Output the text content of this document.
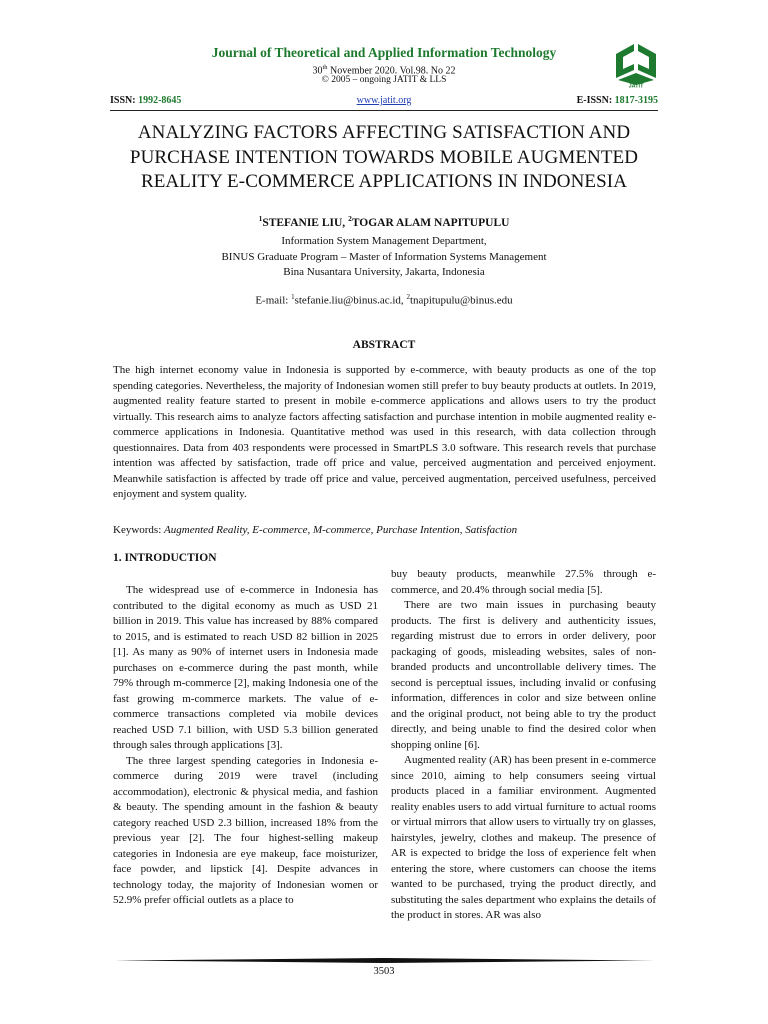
Journal of Theoretical and Applied Information Technology
30th November 2020. Vol.98. No 22
© 2005 – ongoing JATIT & LLS
JATIT
ISSN: 1992-8645	www.jatit.org	E-ISSN: 1817-3195
ANALYZING FACTORS AFFECTING SATISFACTION AND PURCHASE INTENTION TOWARDS MOBILE AUGMENTED REALITY E-COMMERCE APPLICATIONS IN INDONESIA
$^1$STEFANIE LIU, $^2$TOGAR ALAM NAPITUPULU
Information System Management Department,
BINUS Graduate Program – Master of Information Systems Management
Bina Nusantara University, Jakarta, Indonesia
E-mail: $^1$stefanie.liu@binus.ac.id, $^2$tnapitupulu@binus.edu
ABSTRACT

The high internet economy value in Indonesia is supported by e-commerce, with beauty products as one of the top spending categories. Nevertheless, the majority of Indonesian women still prefer to buy beauty products at outlets. In 2019, augmented reality feature started to present in mobile e-commerce applications and allows users to try the product virtually. This research aims to analyze factors affecting satisfaction and purchase intention in mobile augmented reality e-commerce applications in Indonesia. Quantitative method was used in this research, with data collection through questionnaires. Data from 403 respondents were processed in SmartPLS 3.0 software. This research revels that purchase intention was affected by satisfaction, trade off price and value, perceived augmentation and perceived enjoyment. Meanwhile satisfaction is affected by trade off price and value, perceived augmentation, perceived usefulness, perceived enjoyment and system quality.

Keywords: Augmented Reality, E-commerce, M-commerce, Purchase Intention, Satisfaction
1. INTRODUCTION

The widespread use of e-commerce in Indonesia has contributed to the digital economy as much as USD 21 billion in 2019. This value has increased by 88% compared to 2015, and is estimated to reach USD 82 billion in 2025 [1]. As many as 90% of internet users in Indonesia made purchases on e-commerce during the past month, while 79% through m-commerce [2], making Indonesia one of the fast growing m-commerce markets. The value of e-commerce transactions completed via mobile devices reached USD 7.1 billion, with USD 5.3 billion generated through sales through applications [3].

The three largest spending categories in Indonesia e-commerce during 2019 were travel (including accommodation), electronic & physical media, and fashion & beauty. The spending amount in the fashion & beauty category reached USD 2.3 billion, increased 18% from the previous year [2]. The four highest-selling makeup categories in Indonesia are eye makeup, face moisturizer, face powder, and lipstick [4]. Despite advances in technology today, the majority of Indonesian women or 52.9% prefer official outlets as a place to

buy beauty products, meanwhile 27.5% through e-commerce, and 20.4% through social media [5].

There are two main issues in purchasing beauty products. The first is delivery and authenticity issues, regarding mistrust due to errors in order delivery, poor packaging of goods, misleading websites, sales of non-branded products and uncontrollable delivery times. The second is perceptual issues, including invalid or confusing information, differences in color and size between online and the original product, not being able to try the product directly, and being unable to find the desired color when shopping online [6].

Augmented reality (AR) has been present in e-commerce since 2010, aiming to help consumers seeing virtual products placed in a familiar environment. Augmented reality enables users to add virtual furniture to actual rooms or virtual mirrors that allow users to virtually try on glasses, hairstyles, jewelry, clothes and makeup. The presence of AR is expected to bridge the loss of experience felt when entering the store, where customers can choose the items wanted to be purchased, trying the product directly, and substituting the sales department who explains the details of the product in stores. AR was also

3503
